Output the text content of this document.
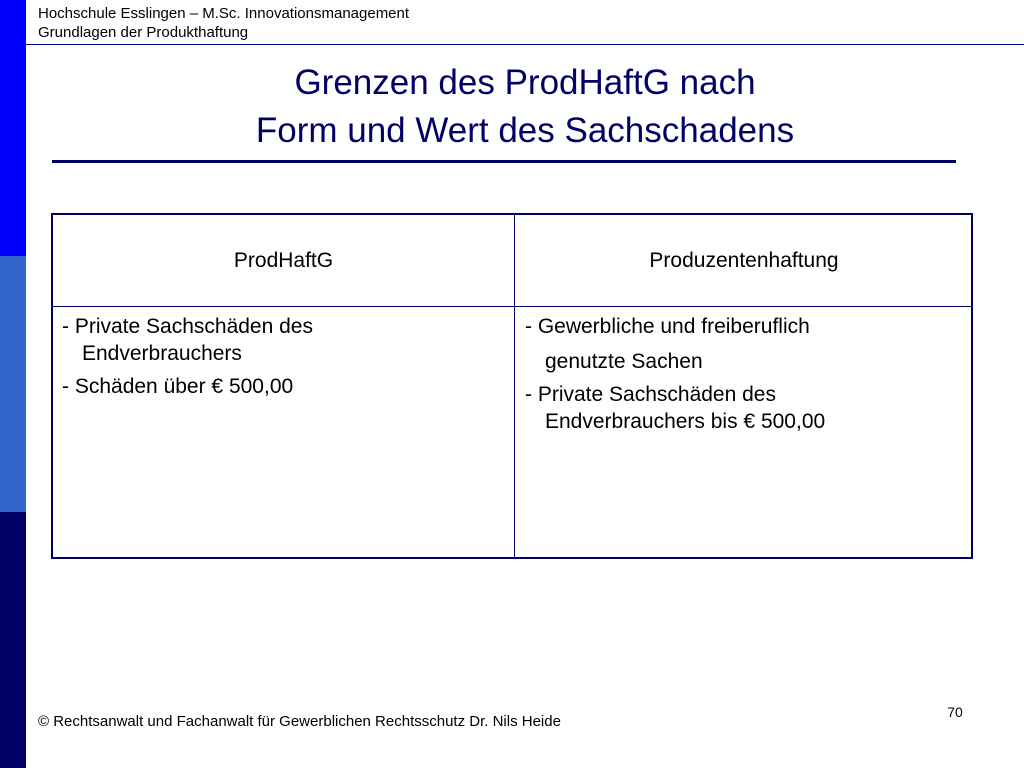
Hochschule Esslingen – M.Sc. Innovationsmanagement
Grundlagen der Produkthaftung
Grenzen des ProdHaftG nach
Form und Wert des Sachschadens
ProdHaftG	Produzentenhaftung
- Private Sachschäden des
Endverbrauchers
- Schäden über € 500,00
- Gewerbliche und freiberuflich
genutzte Sachen
- Private Sachschäden des
Endverbrauchers bis € 500,00
© Rechtsanwalt und Fachanwalt für Gewerblichen Rechtsschutz Dr. Nils Heide
70
